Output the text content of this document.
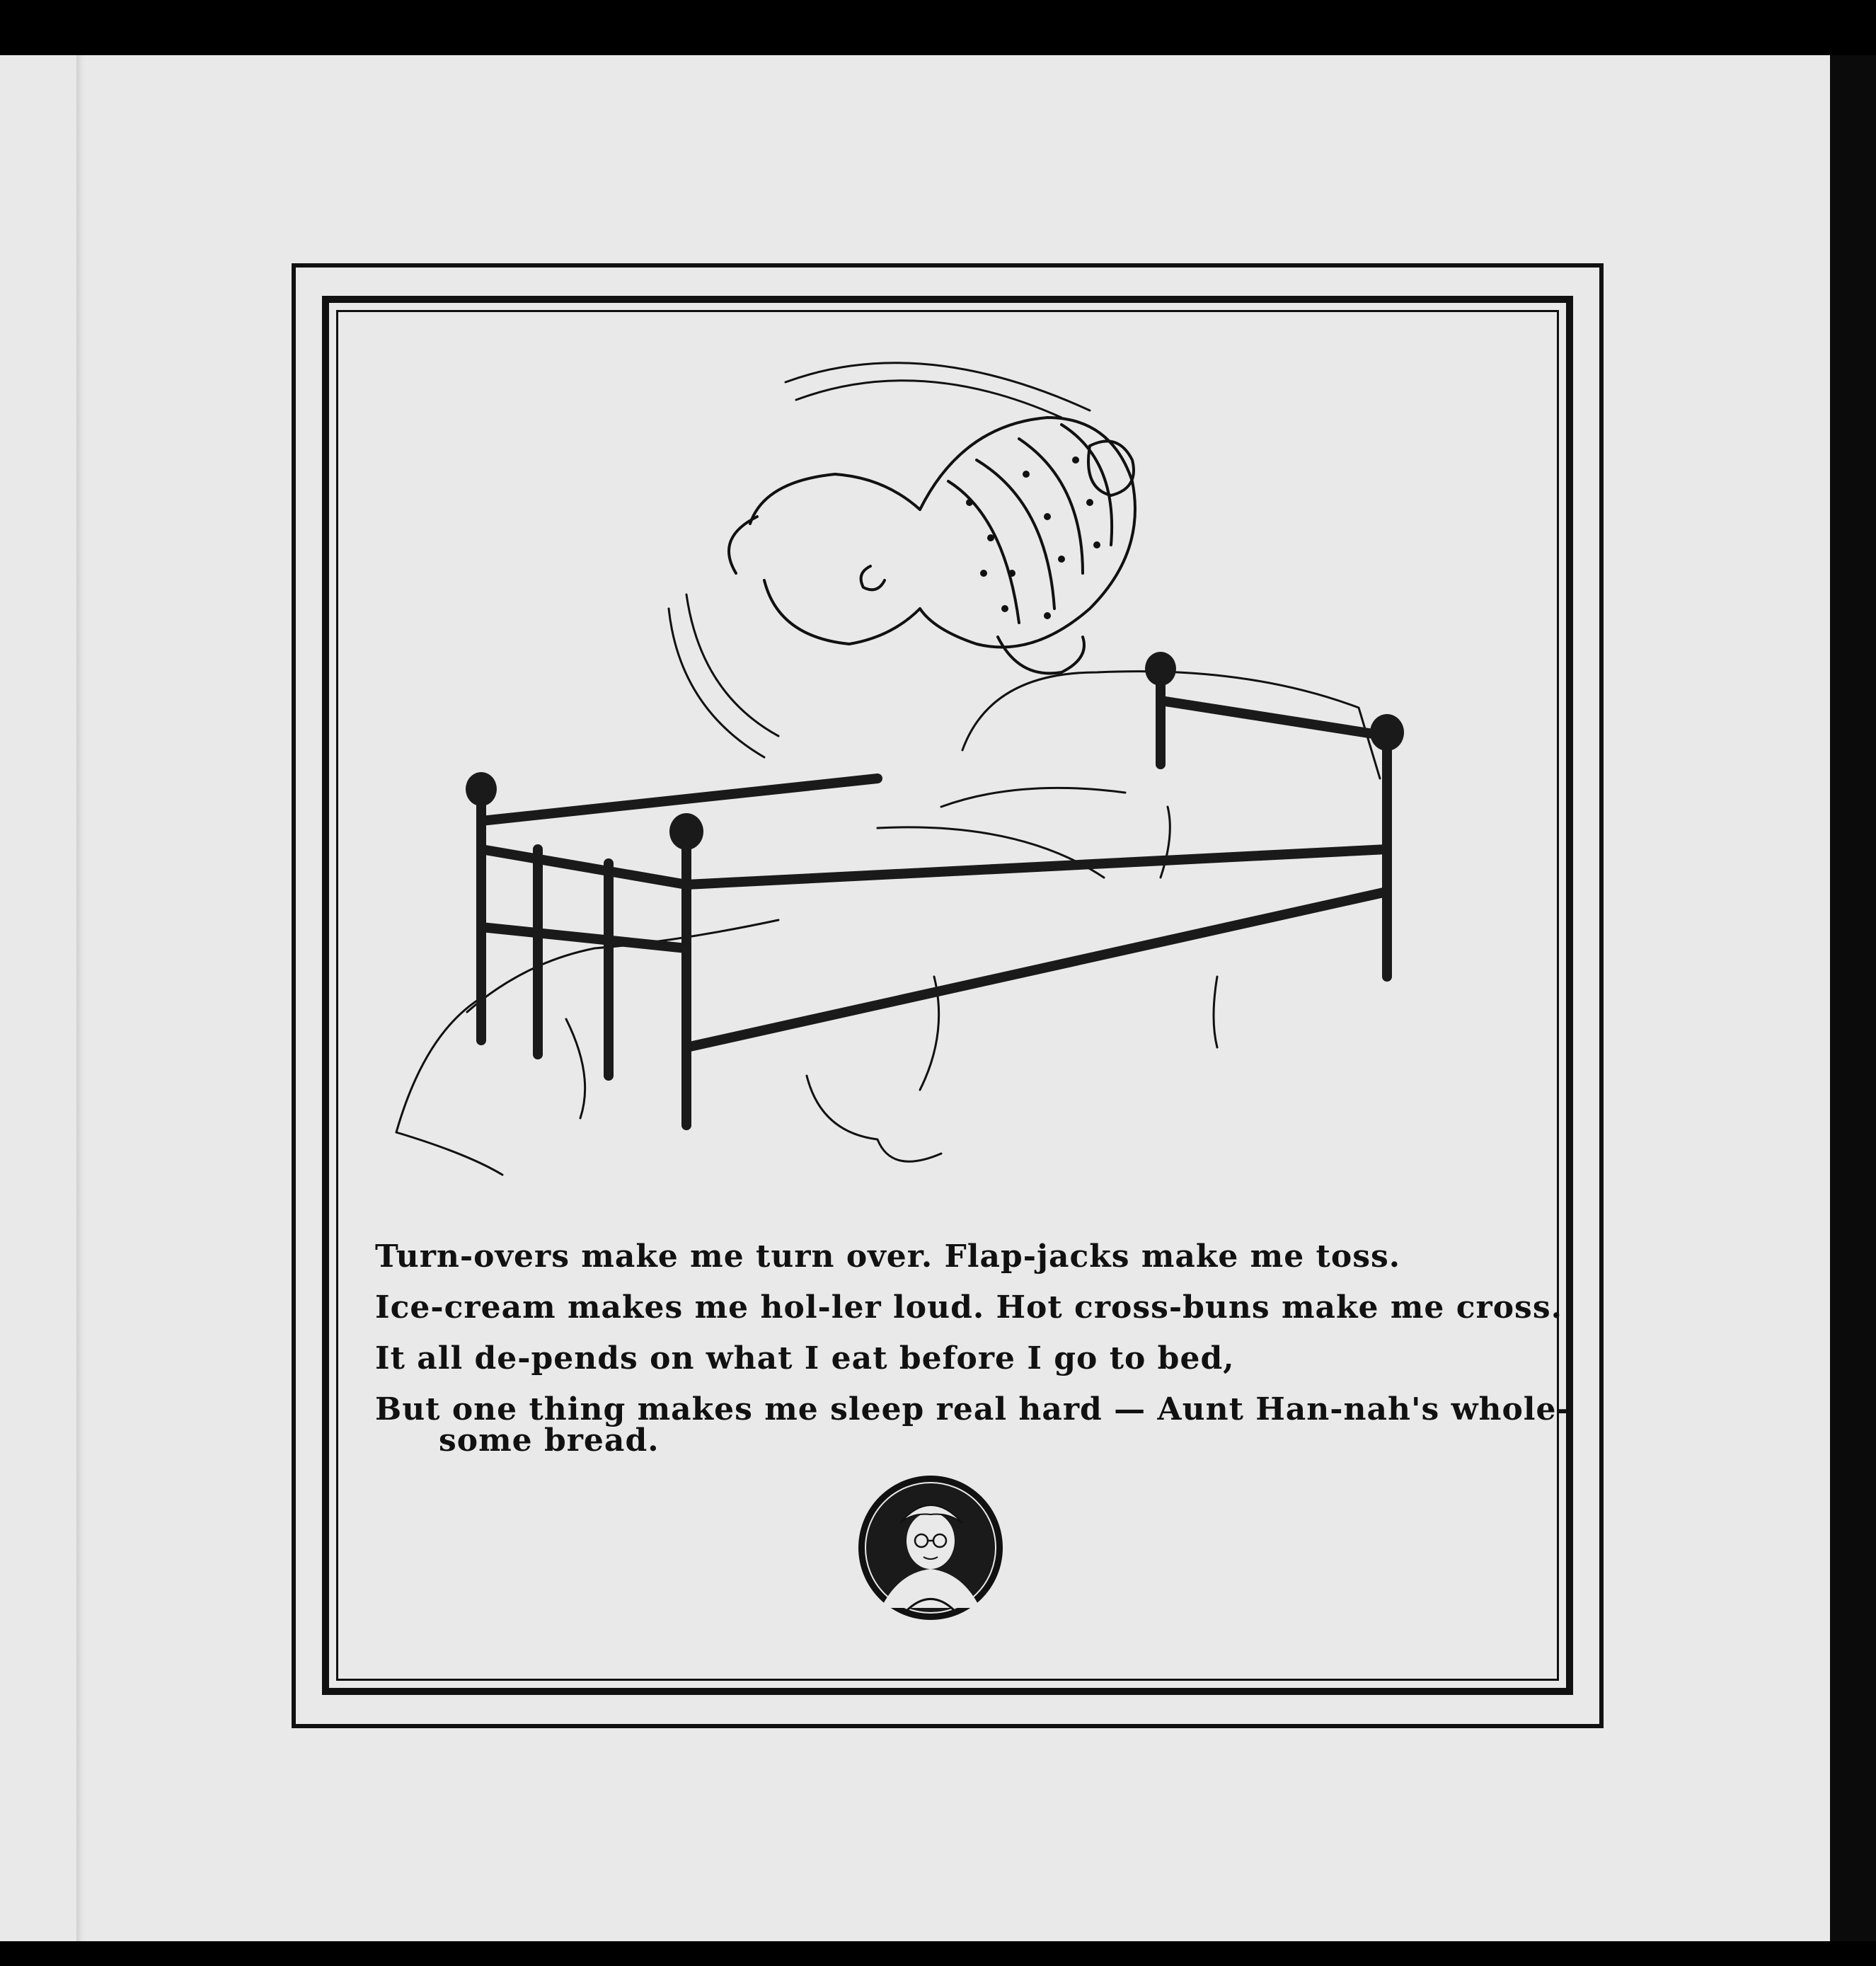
Turn-overs make me turn over. Flap-jacks make me toss.
Ice-cream makes me hol-ler loud. Hot cross-buns make me cross.
It all de-pends on what I eat before I go to bed,
But one thing makes me sleep real hard — Aunt Han-nah's whole-
some bread.
